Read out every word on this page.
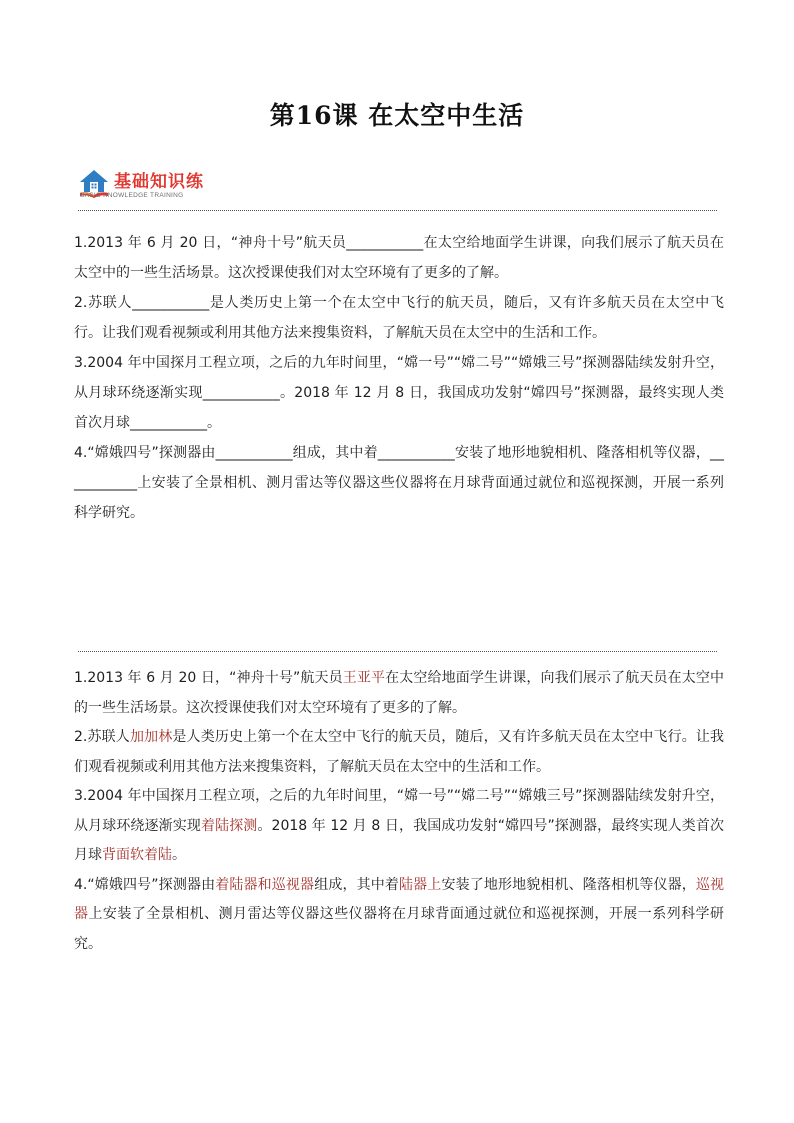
第16课 在太空中生活
基础知识练
BASIC KNOWLEDGE TRAINING

1.2013 年 6 月 20 日，“神舟十号”航天员___________在太空给地面学生讲课，向我们展示了航天员在太空中的一些生活场景。这次授课使我们对太空环境有了更多的了解。

2.苏联人___________是人类历史上第一个在太空中飞行的航天员，随后，又有许多航天员在太空中飞行。让我们观看视频或利用其他方法来搜集资料，了解航天员在太空中的生活和工作。

3.2004 年中国探月工程立项，之后的九年时间里，“嫦一号”“嫦二号”“嫦娥三号”探测器陆续发射升空，从月球环绕逐渐实现___________。2018 年 12 月 8 日，我国成功发射“嫦四号”探测器，最终实现人类首次月球___________。

4.“嫦娥四号”探测器由___________组成，其中着___________安装了地形地貌相机、隆落相机等仪器，___________上安装了全景相机、测月雷达等仪器这些仪器将在月球背面通过就位和巡视探测，开展一系列科学研究。

1.2013 年 6 月 20 日，“神舟十号”航天员王亚平在太空给地面学生讲课，向我们展示了航天员在太空中的一些生活场景。这次授课使我们对太空环境有了更多的了解。

2.苏联人加加林是人类历史上第一个在太空中飞行的航天员，随后，又有许多航天员在太空中飞行。让我们观看视频或利用其他方法来搜集资料，了解航天员在太空中的生活和工作。

3.2004 年中国探月工程立项，之后的九年时间里，“嫦一号”“嫦二号”“嫦娥三号”探测器陆续发射升空，从月球环绕逐渐实现着陆探测。2018 年 12 月 8 日，我国成功发射“嫦四号”探测器，最终实现人类首次月球背面软着陆。

4.“嫦娥四号”探测器由着陆器和巡视器组成，其中着陆器上安装了地形地貌相机、隆落相机等仪器，巡视器上安装了全景相机、测月雷达等仪器这些仪器将在月球背面通过就位和巡视探测，开展一系列科学研究。
